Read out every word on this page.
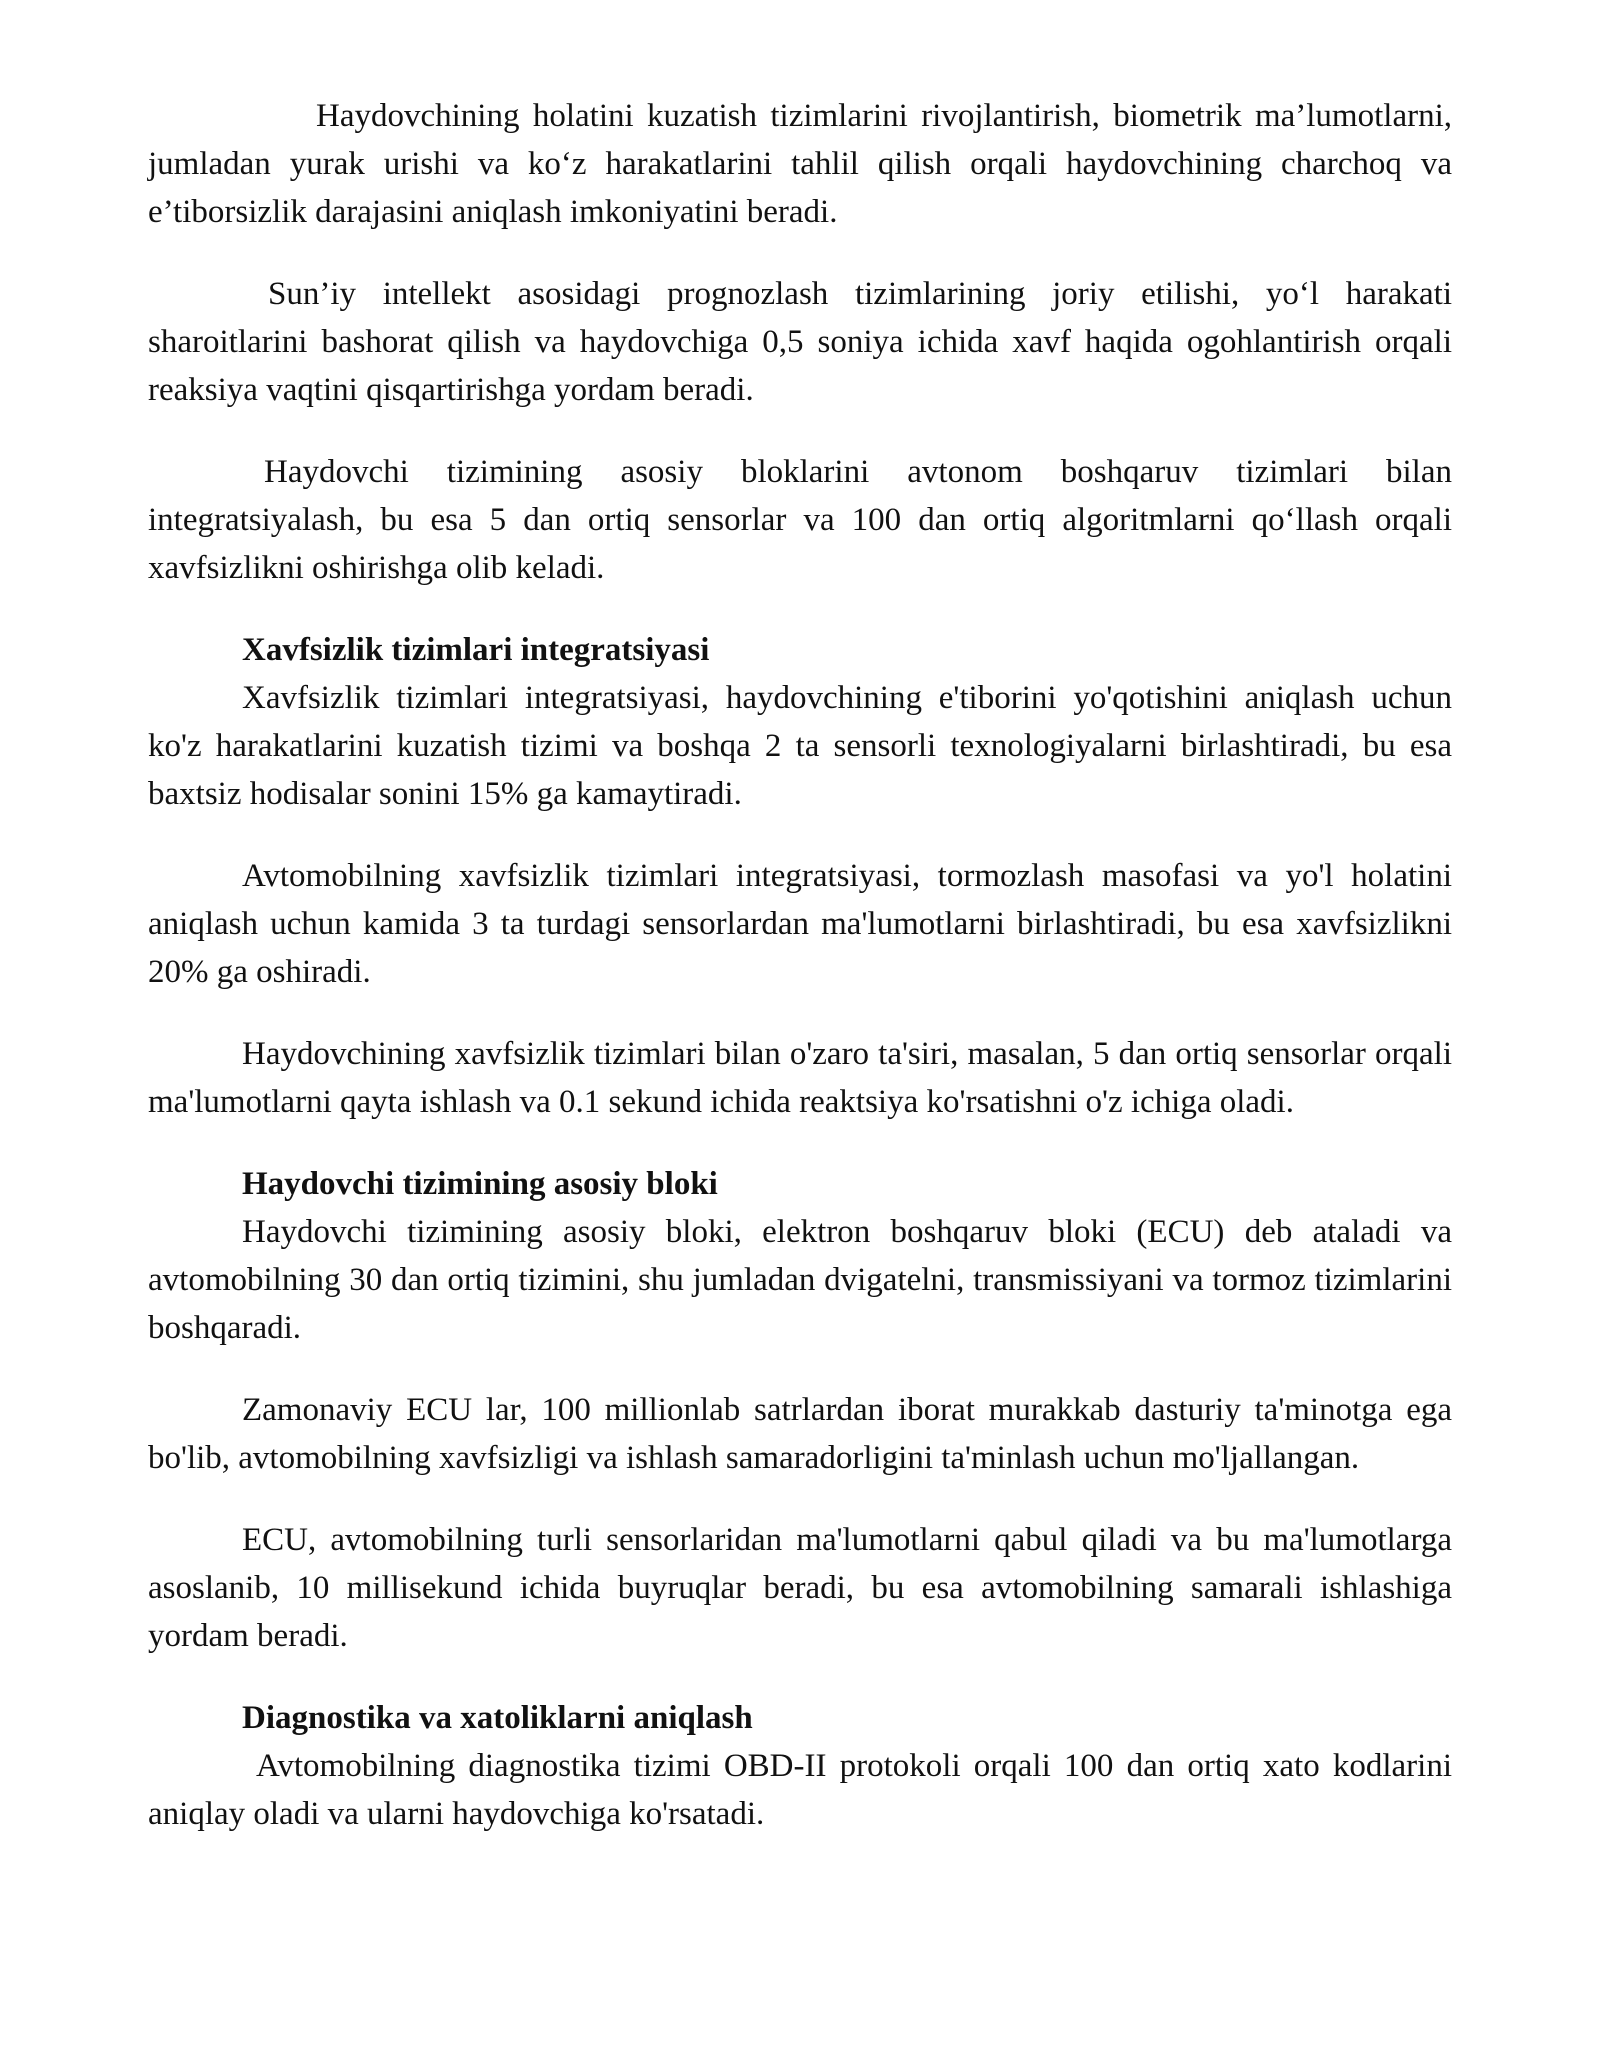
Haydovchining holatini kuzatish tizimlarini rivojlantirish, biometrik ma’lumotlarni, jumladan yurak urishi va ko‘z harakatlarini tahlil qilish orqali haydovchining charchoq va e’tiborsizlik darajasini aniqlash imkoniyatini beradi.

Sun’iy intellekt asosidagi prognozlash tizimlarining joriy etilishi, yo‘l harakati sharoitlarini bashorat qilish va haydovchiga 0,5 soniya ichida xavf haqida ogohlantirish orqali reaksiya vaqtini qisqartirishga yordam beradi.

Haydovchi tizimining asosiy bloklarini avtonom boshqaruv tizimlari bilan integratsiyalash, bu esa 5 dan ortiq sensorlar va 100 dan ortiq algoritmlarni qo‘llash orqali xavfsizlikni oshirishga olib keladi.

Xavfsizlik tizimlari integratsiyasi

Xavfsizlik tizimlari integratsiyasi, haydovchining e'tiborini yo'qotishini aniqlash uchun ko'z harakatlarini kuzatish tizimi va boshqa 2 ta sensorli texnologiyalarni birlashtiradi, bu esa baxtsiz hodisalar sonini 15% ga kamaytiradi.

Avtomobilning xavfsizlik tizimlari integratsiyasi, tormozlash masofasi va yo'l holatini aniqlash uchun kamida 3 ta turdagi sensorlardan ma'lumotlarni birlashtiradi, bu esa xavfsizlikni 20% ga oshiradi.

Haydovchining xavfsizlik tizimlari bilan o'zaro ta'siri, masalan, 5 dan ortiq sensorlar orqali ma'lumotlarni qayta ishlash va 0.1 sekund ichida reaktsiya ko'rsatishni o'z ichiga oladi.

Haydovchi tizimining asosiy bloki

Haydovchi tizimining asosiy bloki, elektron boshqaruv bloki (ECU) deb ataladi va avtomobilning 30 dan ortiq tizimini, shu jumladan dvigatelni, transmissiyani va tormoz tizimlarini boshqaradi.

Zamonaviy ECU lar, 100 millionlab satrlardan iborat murakkab dasturiy ta'minotga ega bo'lib, avtomobilning xavfsizligi va ishlash samaradorligini ta'minlash uchun mo'ljallangan.

ECU, avtomobilning turli sensorlaridan ma'lumotlarni qabul qiladi va bu ma'lumotlarga asoslanib, 10 millisekund ichida buyruqlar beradi, bu esa avtomobilning samarali ishlashiga yordam beradi.

Diagnostika va xatoliklarni aniqlash

Avtomobilning diagnostika tizimi OBD-II protokoli orqali 100 dan ortiq xato kodlarini aniqlay oladi va ularni haydovchiga ko'rsatadi.
